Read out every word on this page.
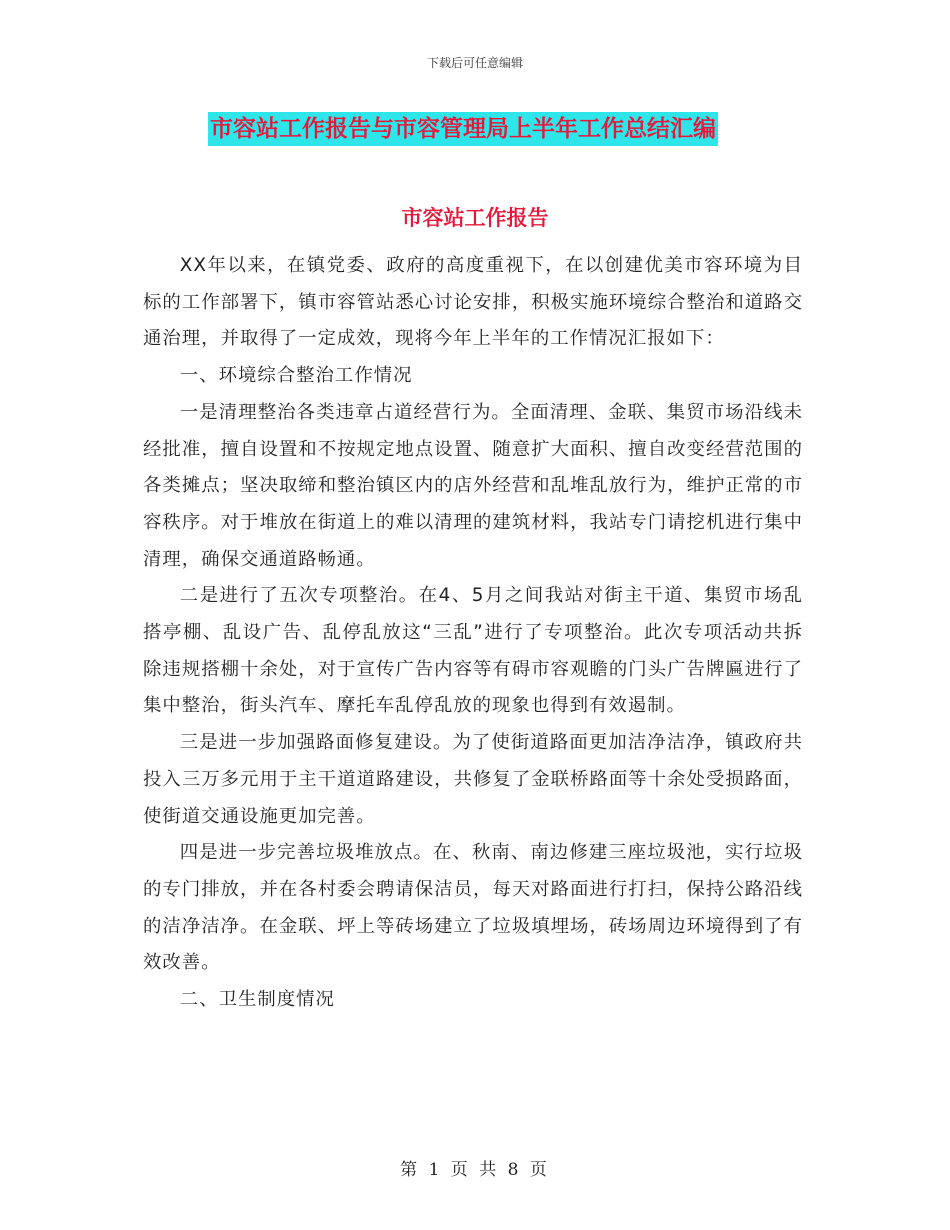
下载后可任意编辑
市容站工作报告与市容管理局上半年工作总结汇编
市容站工作报告

XX年以来，在镇党委、政府的高度重视下，在以创建优美市容环境为目标的工作部署下，镇市容管站悉心讨论安排，积极实施环境综合整治和道路交通治理，并取得了一定成效，现将今年上半年的工作情况汇报如下：

一、环境综合整治工作情况

一是清理整治各类违章占道经营行为。全面清理、金联、集贸市场沿线未经批准，擅自设置和不按规定地点设置、随意扩大面积、擅自改变经营范围的各类摊点；坚决取缔和整治镇区内的店外经营和乱堆乱放行为，维护正常的市容秩序。对于堆放在街道上的难以清理的建筑材料，我站专门请挖机进行集中清理，确保交通道路畅通。

二是进行了五次专项整治。在4、5月之间我站对街主干道、集贸市场乱搭亭棚、乱设广告、乱停乱放这“三乱”进行了专项整治。此次专项活动共拆除违规搭棚十余处，对于宣传广告内容等有碍市容观瞻的门头广告牌匾进行了集中整治，街头汽车、摩托车乱停乱放的现象也得到有效遏制。

三是进一步加强路面修复建设。为了使街道路面更加洁净洁净，镇政府共投入三万多元用于主干道道路建设，共修复了金联桥路面等十余处受损路面，使街道交通设施更加完善。

四是进一步完善垃圾堆放点。在、秋南、南边修建三座垃圾池，实行垃圾的专门排放，并在各村委会聘请保洁员，每天对路面进行打扫，保持公路沿线的洁净洁净。在金联、坪上等砖场建立了垃圾填埋场，砖场周边环境得到了有效改善。

二、卫生制度情况

第 1 页 共 8 页
